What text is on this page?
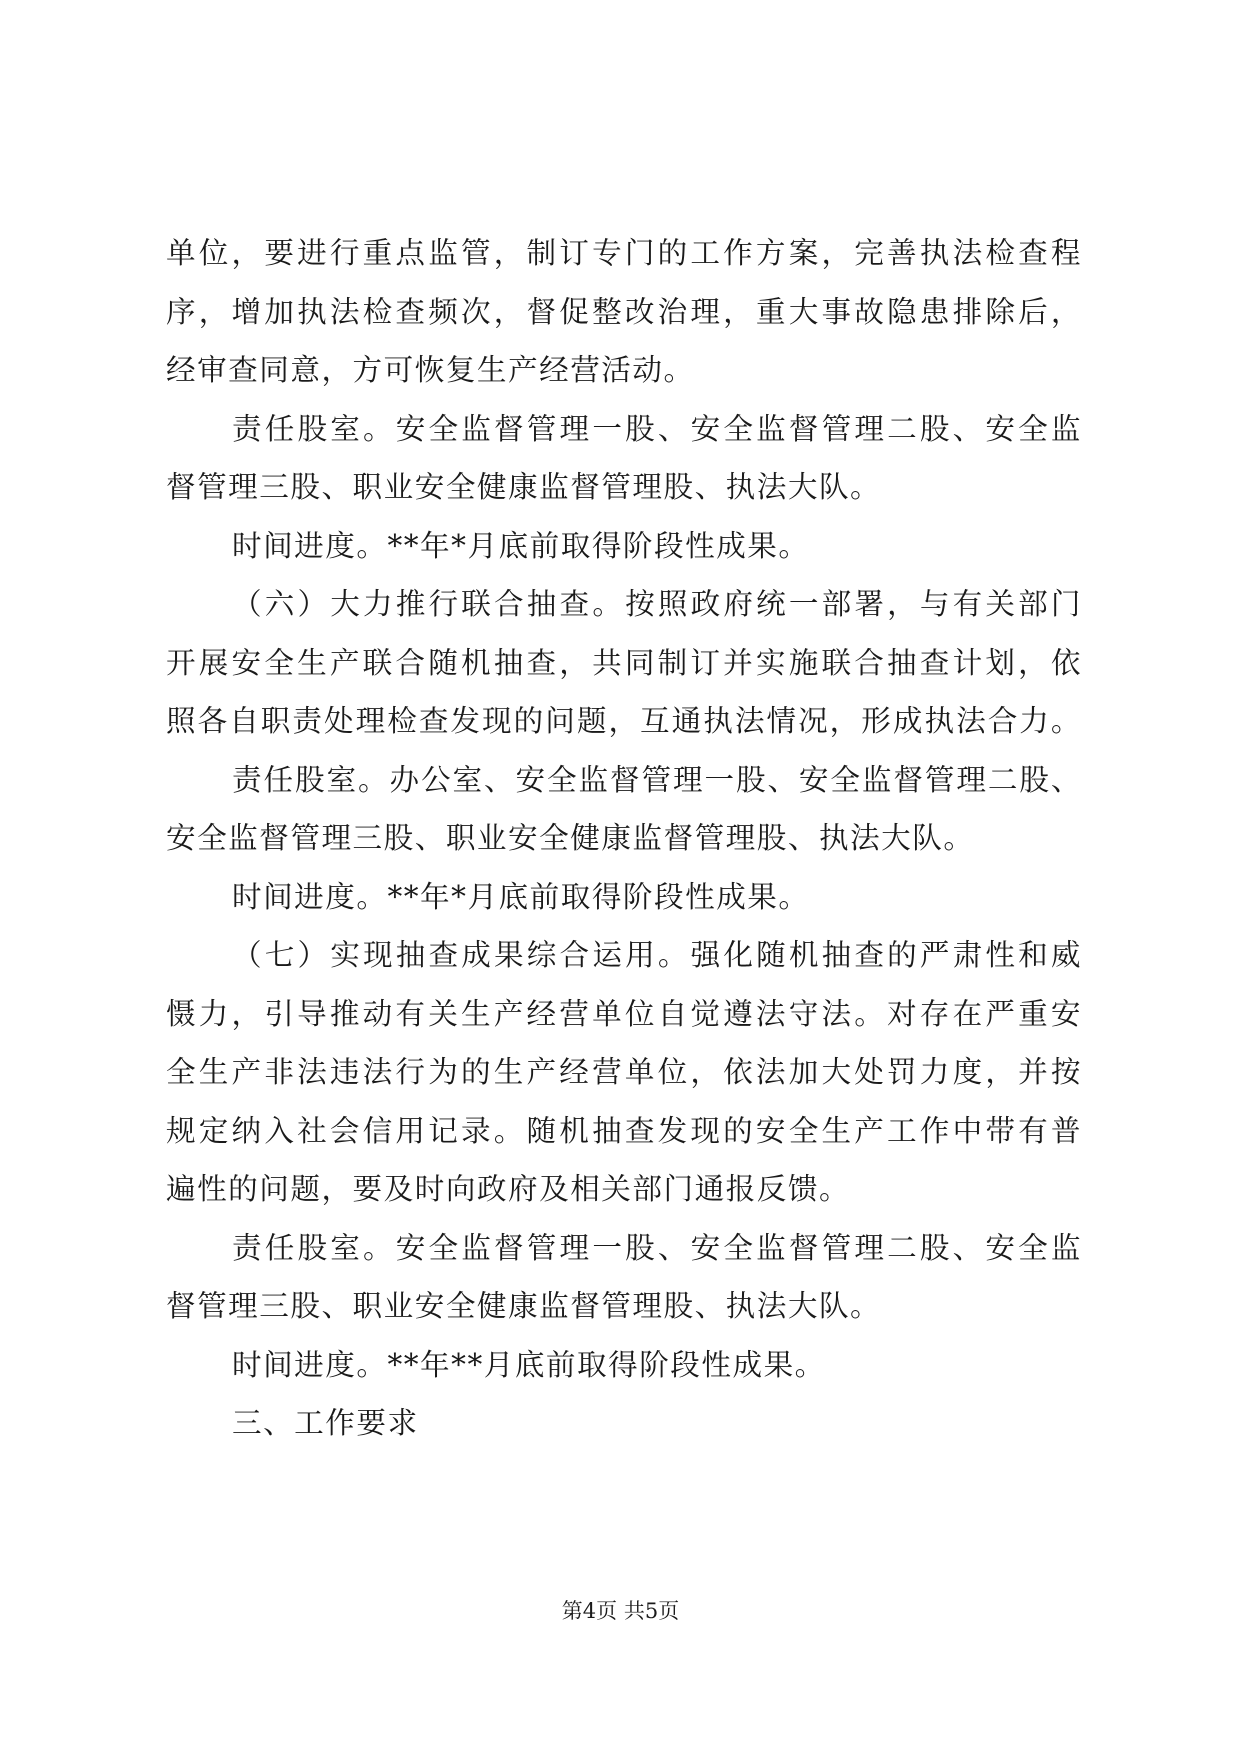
单位，要进行重点监管，制订专门的工作方案，完善执法检查程
序，增加执法检查频次，督促整改治理，重大事故隐患排除后，
经审查同意，方可恢复生产经营活动。
责任股室。安全监督管理一股、安全监督管理二股、安全监
督管理三股、职业安全健康监督管理股、执法大队。
时间进度。**年*月底前取得阶段性成果。
（六）大力推行联合抽查。按照政府统一部署，与有关部门
开展安全生产联合随机抽查，共同制订并实施联合抽查计划，依
照各自职责处理检查发现的问题，互通执法情况，形成执法合力。
责任股室。办公室、安全监督管理一股、安全监督管理二股、
安全监督管理三股、职业安全健康监督管理股、执法大队。
时间进度。**年*月底前取得阶段性成果。
（七）实现抽查成果综合运用。强化随机抽查的严肃性和威
慑力，引导推动有关生产经营单位自觉遵法守法。对存在严重安
全生产非法违法行为的生产经营单位，依法加大处罚力度，并按
规定纳入社会信用记录。随机抽查发现的安全生产工作中带有普
遍性的问题，要及时向政府及相关部门通报反馈。
责任股室。安全监督管理一股、安全监督管理二股、安全监
督管理三股、职业安全健康监督管理股、执法大队。
时间进度。**年**月底前取得阶段性成果。
三、工作要求
第4页 共5页
